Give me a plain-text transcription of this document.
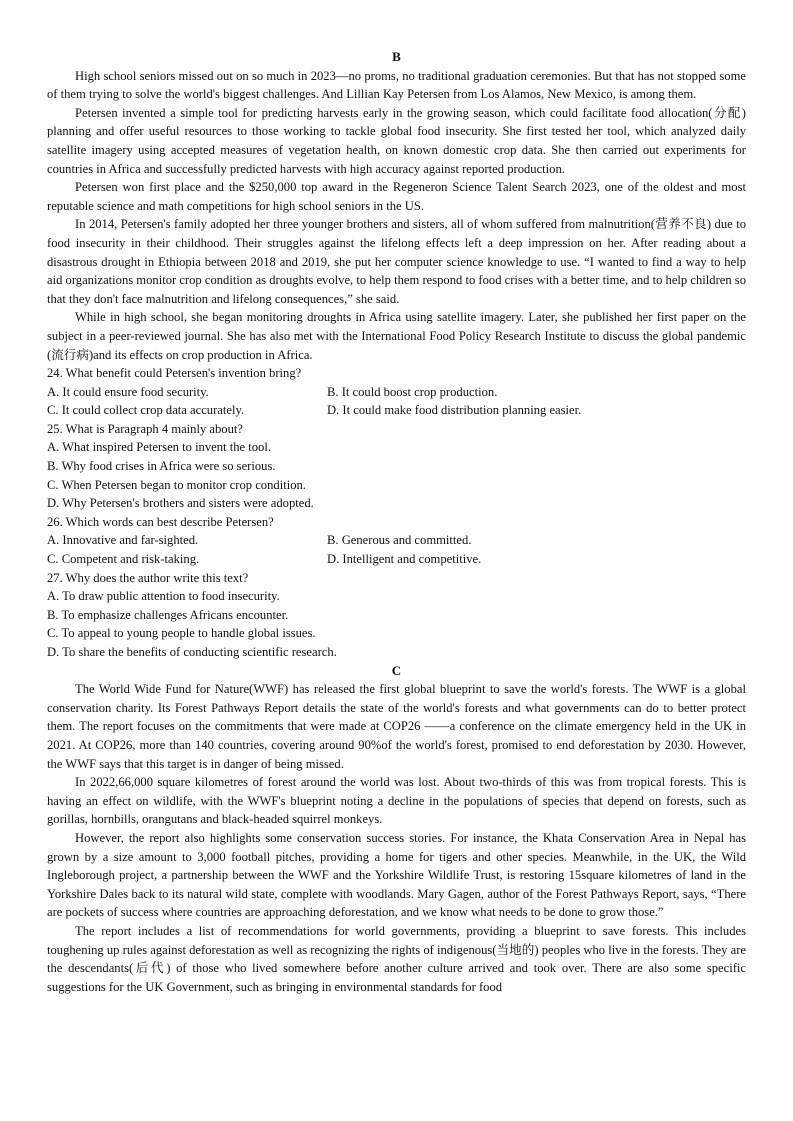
B

High school seniors missed out on so much in 2023—no proms, no traditional graduation ceremonies. But that has not stopped some of them trying to solve the world's biggest challenges. And Lillian Kay Petersen from Los Alamos, New Mexico, is among them.

Petersen invented a simple tool for predicting harvests early in the growing season, which could facilitate food allocation(分配) planning and offer useful resources to those working to tackle global food insecurity. She first tested her tool, which analyzed daily satellite imagery using accepted measures of vegetation health, on known domestic crop data. She then carried out experiments for countries in Africa and successfully predicted harvests with high accuracy against reported production.

Petersen won first place and the $250,000 top award in the Regeneron Science Talent Search 2023, one of the oldest and most reputable science and math competitions for high school seniors in the US.

In 2014, Petersen's family adopted her three younger brothers and sisters, all of whom suffered from malnutrition(营养不良) due to food insecurity in their childhood. Their struggles against the lifelong effects left a deep impression on her. After reading about a disastrous drought in Ethiopia between 2018 and 2019, she put her computer science knowledge to use. “I wanted to find a way to help aid organizations monitor crop condition as droughts evolve, to help them respond to food crises with a better time, and to help children so that they don't face malnutrition and lifelong consequences,” she said.

While in high school, she began monitoring droughts in Africa using satellite imagery. Later, she published her first paper on the subject in a peer-reviewed journal. She has also met with the International Food Policy Research Institute to discuss the global pandemic (流行病)and its effects on crop production in Africa.

24. What benefit could Petersen's invention bring?

A. It could ensure food security.	B. It could boost crop production.
C. It could collect crop data accurately.	D. It could make food distribution planning easier.

25. What is Paragraph 4 mainly about?

A. What inspired Petersen to invent the tool.

B. Why food crises in Africa were so serious.

C. When Petersen began to monitor crop condition.

D. Why Petersen's brothers and sisters were adopted.

26. Which words can best describe Petersen?

A. Innovative and far-sighted.	B. Generous and committed.
C. Competent and risk-taking.	D. Intelligent and competitive.

27. Why does the author write this text?

A. To draw public attention to food insecurity.

B. To emphasize challenges Africans encounter.

C. To appeal to young people to handle global issues.

D. To share the benefits of conducting scientific research.

C

The World Wide Fund for Nature(WWF) has released the first global blueprint to save the world's forests. The WWF is a global conservation charity. Its Forest Pathways Report details the state of the world's forests and what governments can do to better protect them. The report focuses on the commitments that were made at COP26 ——a conference on the climate emergency held in the UK in 2021. At COP26, more than 140 countries, covering around 90%of the world's forest, promised to end deforestation by 2030. However, the WWF says that this target is in danger of being missed.

In 2022,66,000 square kilometres of forest around the world was lost. About two-thirds of this was from tropical forests. This is having an effect on wildlife, with the WWF's blueprint noting a decline in the populations of species that depend on forests, such as gorillas, hornbills, orangutans and black-headed squirrel monkeys.

However, the report also highlights some conservation success stories. For instance, the Khata Conservation Area in Nepal has grown by a size amount to 3,000 football pitches, providing a home for tigers and other species. Meanwhile, in the UK, the Wild Ingleborough project, a partnership between the WWF and the Yorkshire Wildlife Trust, is restoring 15square kilometres of land in the Yorkshire Dales back to its natural wild state, complete with woodlands. Mary Gagen, author of the Forest Pathways Report, says, “There are pockets of success where countries are approaching deforestation, and we know what needs to be done to grow those.”

The report includes a list of recommendations for world governments, providing a blueprint to save forests. This includes toughening up rules against deforestation as well as recognizing the rights of indigenous(当地的) peoples who live in the forests. They are the descendants(后代) of those who lived somewhere before another culture arrived and took over. There are also some specific suggestions for the UK Government, such as bringing in environmental standards for food
